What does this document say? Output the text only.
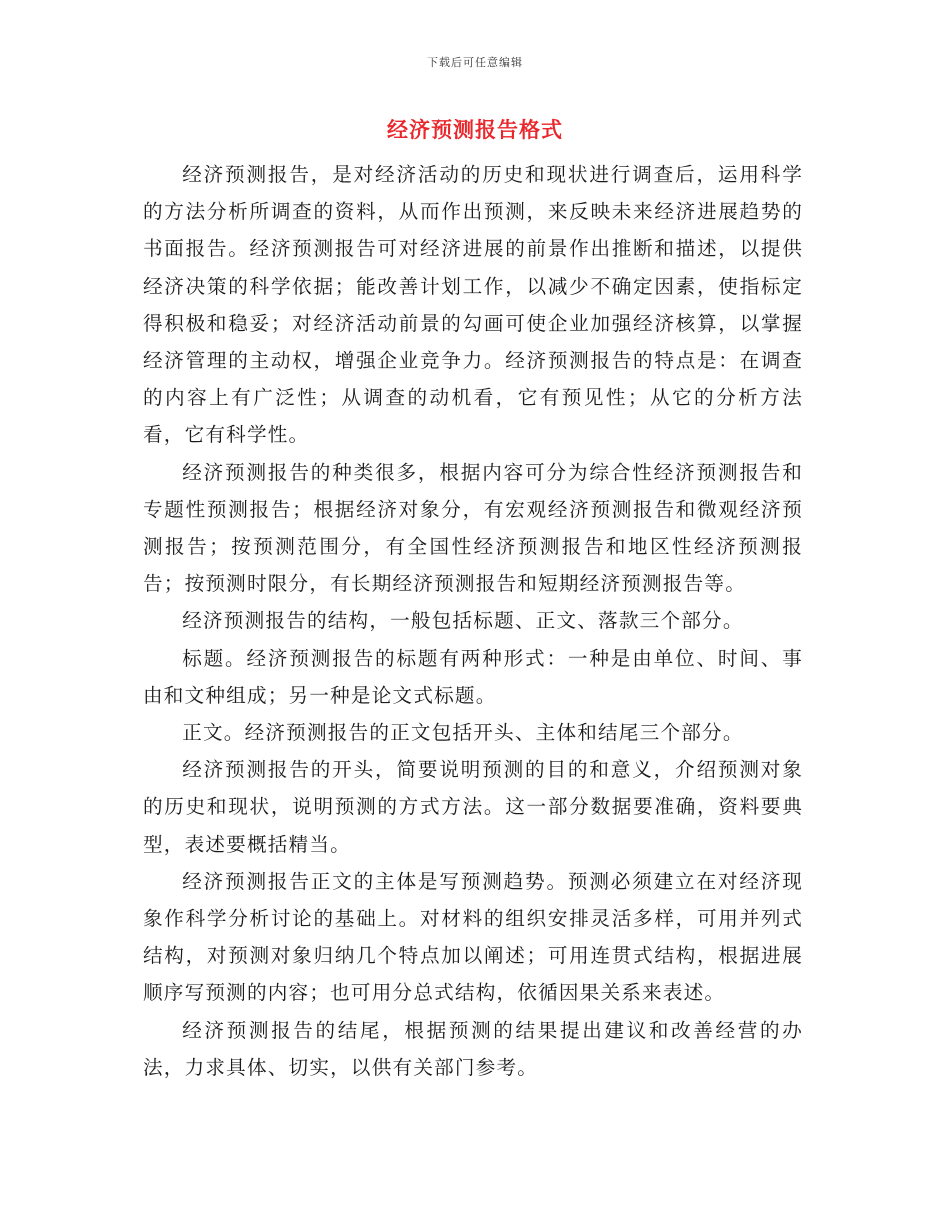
下载后可任意编辑
经济预测报告格式

经济预测报告，是对经济活动的历史和现状进行调查后，运用科学的方法分析所调查的资料，从而作出预测，来反映未来经济进展趋势的书面报告。经济预测报告可对经济进展的前景作出推断和描述，以提供经济决策的科学依据；能改善计划工作，以减少不确定因素，使指标定得积极和稳妥；对经济活动前景的勾画可使企业加强经济核算，以掌握经济管理的主动权，增强企业竞争力。经济预测报告的特点是：在调查的内容上有广泛性；从调查的动机看，它有预见性；从它的分析方法看，它有科学性。

经济预测报告的种类很多，根据内容可分为综合性经济预测报告和专题性预测报告；根据经济对象分，有宏观经济预测报告和微观经济预测报告；按预测范围分，有全国性经济预测报告和地区性经济预测报告；按预测时限分，有长期经济预测报告和短期经济预测报告等。

经济预测报告的结构，一般包括标题、正文、落款三个部分。

标题。经济预测报告的标题有两种形式：一种是由单位、时间、事由和文种组成；另一种是论文式标题。

正文。经济预测报告的正文包括开头、主体和结尾三个部分。

经济预测报告的开头，简要说明预测的目的和意义，介绍预测对象的历史和现状，说明预测的方式方法。这一部分数据要准确，资料要典型，表述要概括精当。

经济预测报告正文的主体是写预测趋势。预测必须建立在对经济现象作科学分析讨论的基础上。对材料的组织安排灵活多样，可用并列式结构，对预测对象归纳几个特点加以阐述；可用连贯式结构，根据进展顺序写预测的内容；也可用分总式结构，依循因果关系来表述。

经济预测报告的结尾，根据预测的结果提出建议和改善经营的办法，力求具体、切实，以供有关部门参考。
